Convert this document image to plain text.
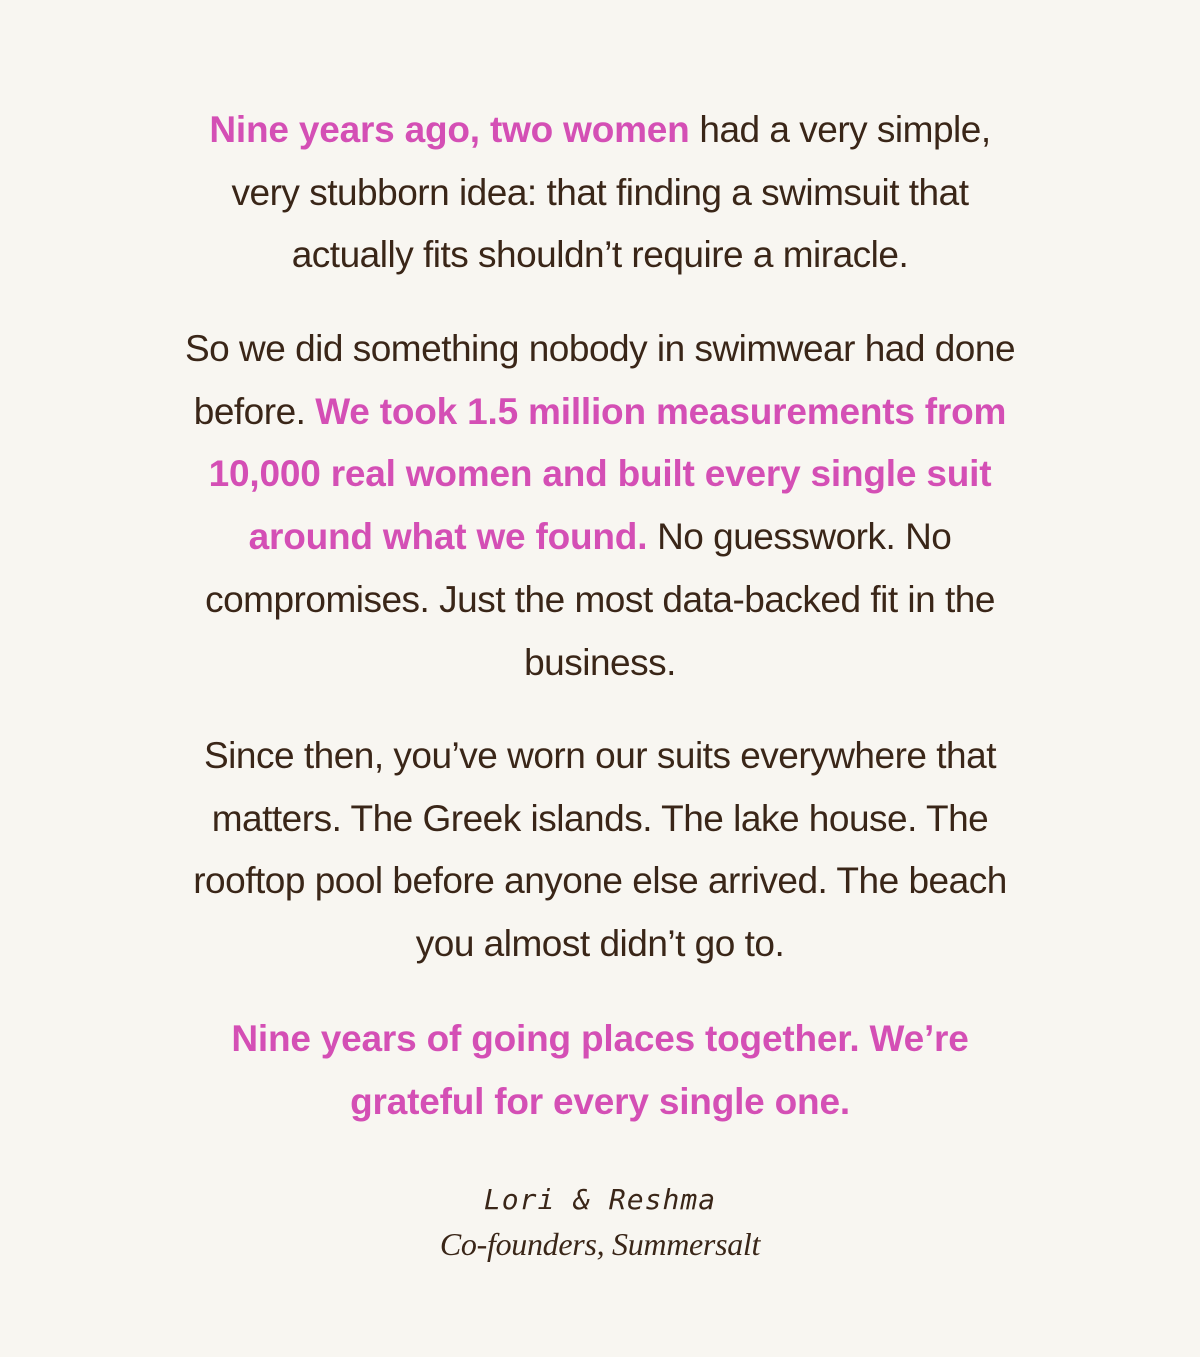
Nine years ago, two women had a very simple, very stubborn idea: that finding a swimsuit that actually fits shouldn’t require a miracle.

So we did something nobody in swimwear had done before. We took 1.5 million measurements from 10,000 real women and built every single suit around what we found. No guesswork. No compromises. Just the most data-backed fit in the business.

Since then, you’ve worn our suits everywhere that matters. The Greek islands. The lake house. The rooftop pool before anyone else arrived. The beach you almost didn’t go to.

Nine years of going places together. We’re grateful for every single one.

Lori & Reshma
Co-founders, Summersalt
